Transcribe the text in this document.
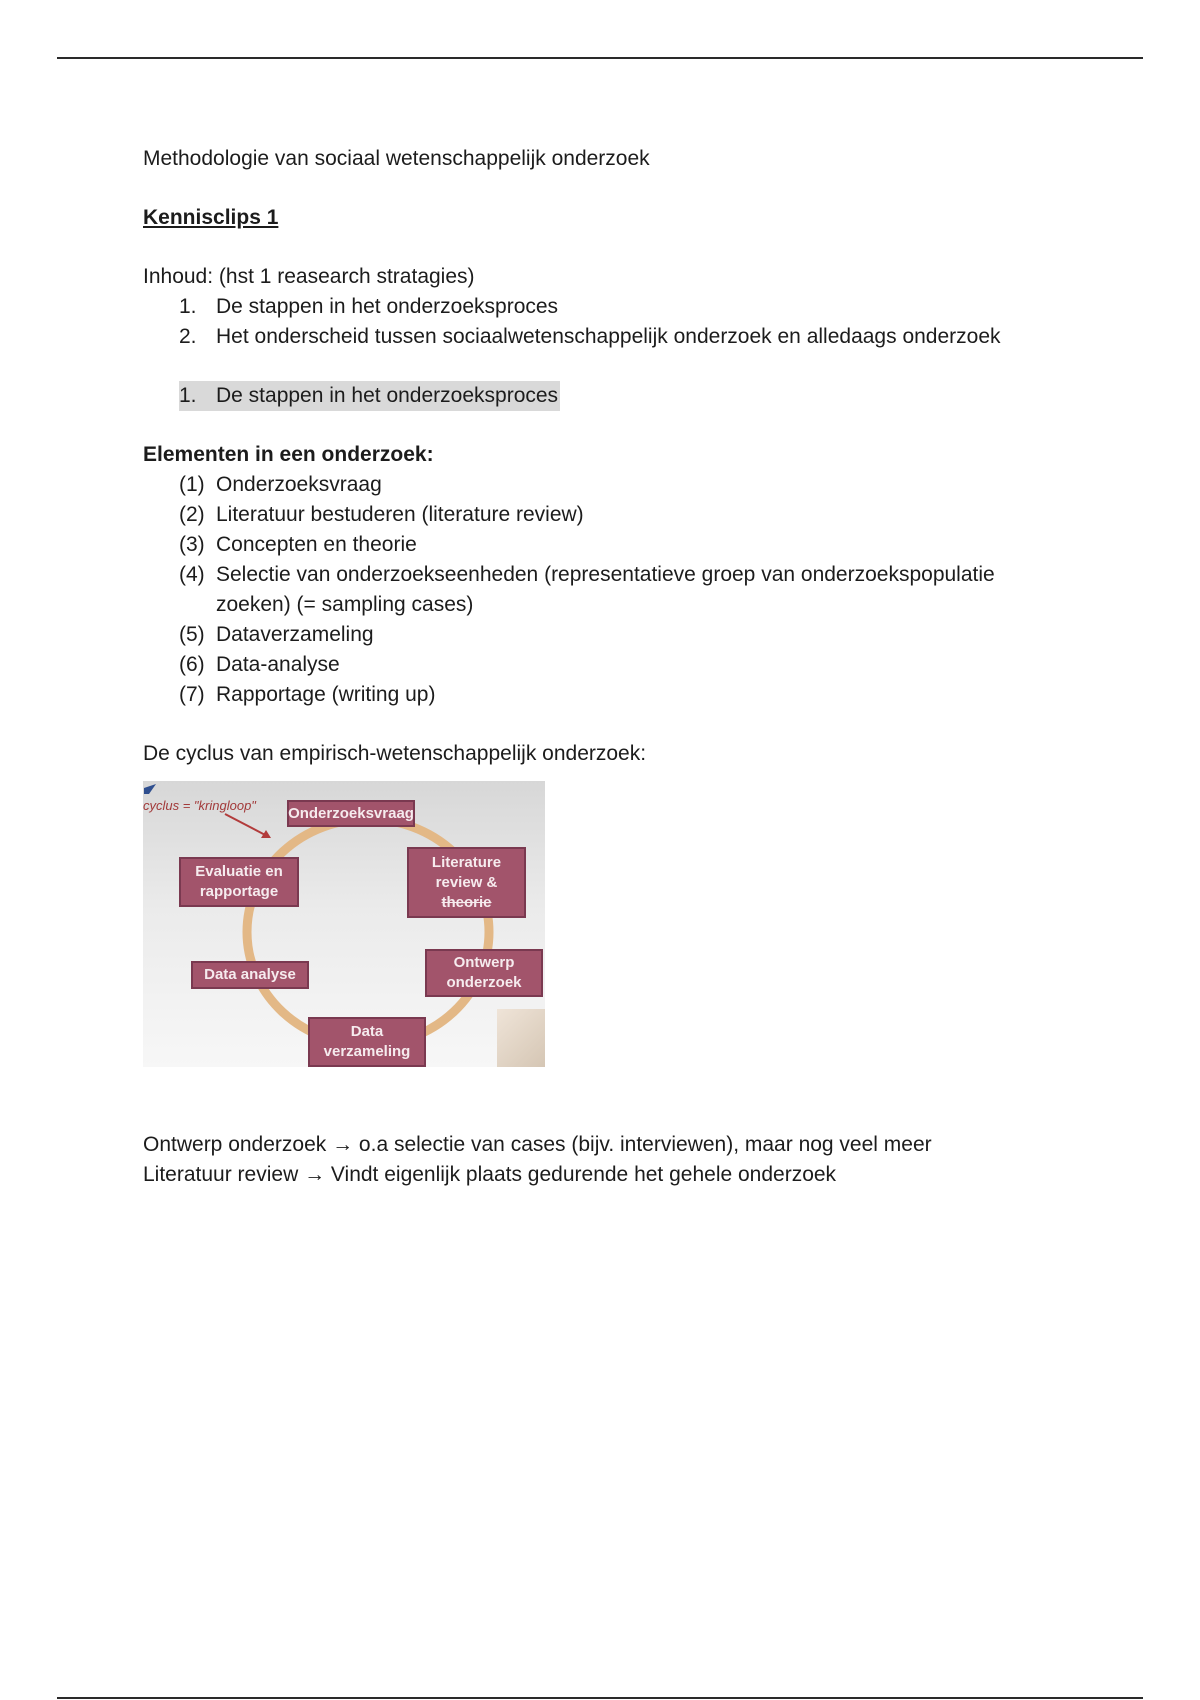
Methodologie van sociaal wetenschappelijk onderzoek
Kennisclips 1
Inhoud: (hst 1 reasearch stratagies)
1. De stappen in het onderzoeksproces
2. Het onderscheid tussen sociaalwetenschappelijk onderzoek en alledaags onderzoek
1. De stappen in het onderzoeksproces
Elementen in een onderzoek:
(1) Onderzoeksvraag
(2) Literatuur bestuderen (literature review)
(3) Concepten en theorie
(4) Selectie van onderzoekseenheden (representatieve groep van onderzoekspopulatie
zoeken) (= sampling cases)
(5) Dataverzameling
(6) Data-analyse
(7) Rapportage (writing up)
De cyclus van empirisch-wetenschappelijk onderzoek:
cyclus = "kringloop" Onderzoeksvraag
Literature
review &
theorie
Ontwerp
onderzoek
Data
verzameling
Data analyse
Evaluatie en
rapportage
Ontwerp onderzoek → o.a selectie van cases (bijv. interviewen), maar nog veel meer
Literatuur review → Vindt eigenlijk plaats gedurende het gehele onderzoek
